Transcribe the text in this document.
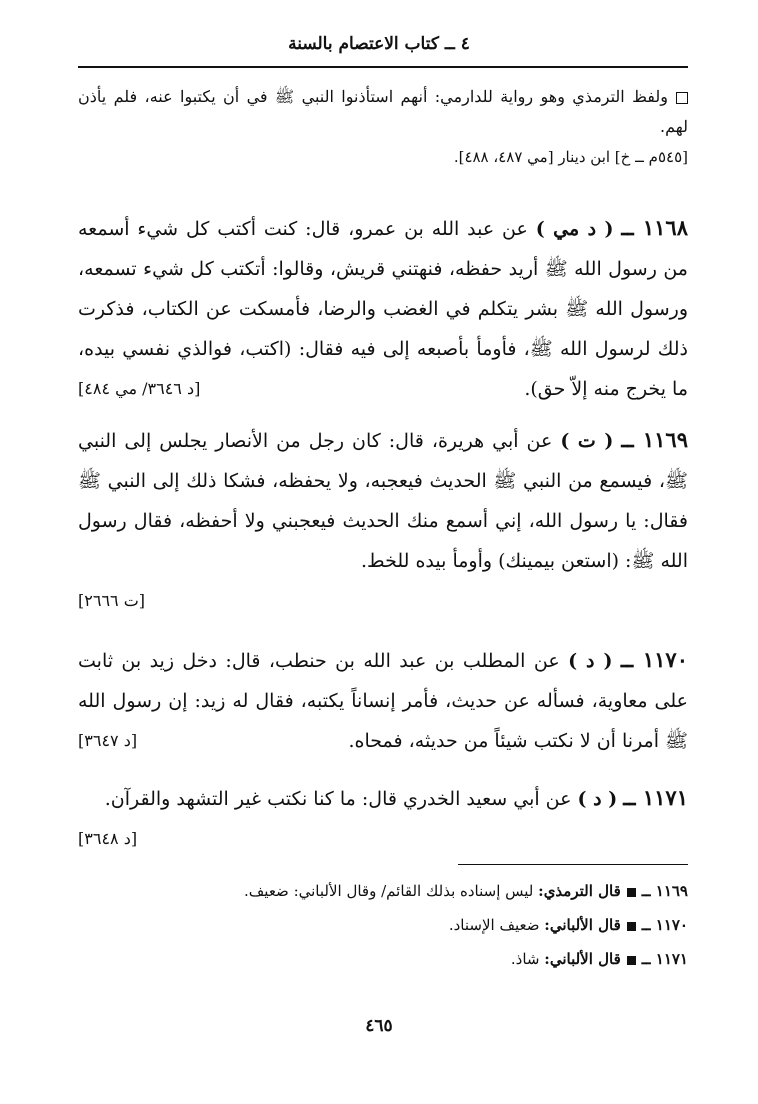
٤ ــ كتاب الاعتصام بالسنة
ولفظ الترمذي وهو رواية للدارمي: أنهم استأذنوا النبي ﷺ في أن يكتبوا عنه، فلم يأذن لهم.
[٥٤٥م ــ خ] ابن دينار [مي ٤٨٧، ٤٨٨].
١١٦٨ ــ ( د مي ) عن عبد الله بن عمرو، قال: كنت أكتب كل شيء أسمعه من رسول الله ﷺ أريد حفظه، فنهتني قريش، وقالوا: أتكتب كل شيء تسمعه، ورسول الله ﷺ بشر يتكلم في الغضب والرضا، فأمسكت عن الكتاب، فذكرت ذلك لرسول الله ﷺ، فأومأ بأصبعه إلى فيه فقال: (اكتب، فوالذي نفسي بيده، ما يخرج منه إلاّ حق).
[د ٣٦٤٦/ مي ٤٨٤]
١١٦٩ ــ ( ت ) عن أبي هريرة، قال: كان رجل من الأنصار يجلس إلى النبي ﷺ، فيسمع من النبي ﷺ الحديث فيعجبه، ولا يحفظه، فشكا ذلك إلى النبي ﷺ فقال: يا رسول الله، إني أسمع منك الحديث فيعجبني ولا أحفظه، فقال رسول الله ﷺ: (استعن بيمينك) وأومأ بيده للخط.
[ت ٢٦٦٦]
١١٧٠ ــ ( د ) عن المطلب بن عبد الله بن حنطب، قال: دخل زيد بن ثابت على معاوية، فسأله عن حديث، فأمر إنساناً يكتبه، فقال له زيد: إن رسول الله ﷺ أمرنا أن لا نكتب شيئاً من حديثه، فمحاه.
[د ٣٦٤٧]
١١٧١ ــ ( د ) عن أبي سعيد الخدري قال: ما كنا نكتب غير التشهد والقرآن.
[د ٣٦٤٨]
١١٦٩ ــقال الترمذي: ليس إسناده بذلك القائم/ وقال الألباني: ضعيف.
١١٧٠ ــقال الألباني: ضعيف الإسناد.
١١٧١ ــقال الألباني: شاذ.
٤٦٥
